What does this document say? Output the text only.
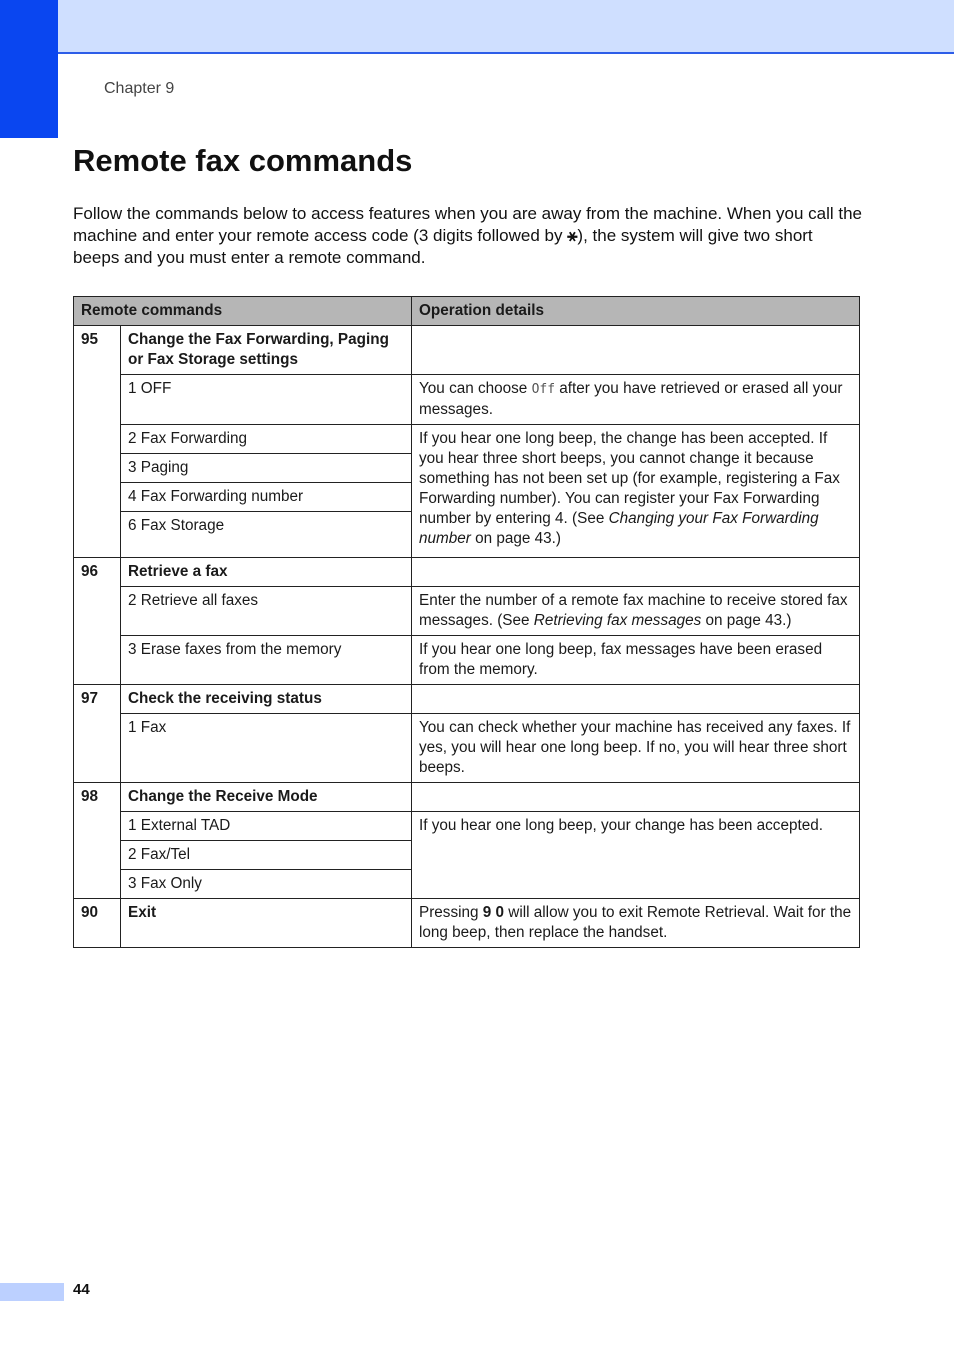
Chapter 9
Remote fax commands

Follow the commands below to access features when you are away from the machine. When you call the machine and enter your remote access code (3 digits followed by ⚹), the system will give two short beeps and you must enter a remote command.

Remote commands		Operation details
95	Change the Fax Forwarding, Paging or Fax Storage settings	
	1 OFF	You can choose Off after you have retrieved or erased all your messages.
	2 Fax Forwarding	If you hear one long beep, the change has been accepted. If you hear three short beeps, you cannot change it because something has not been set up (for example, registering a Fax Forwarding number). You can register your Fax Forwarding number by entering 4. (See Changing your Fax Forwarding number on page 43.)
	3 Paging	
	4 Fax Forwarding number	
	6 Fax Storage	
96	Retrieve a fax	
	2 Retrieve all faxes	Enter the number of a remote fax machine to receive stored fax messages. (See Retrieving fax messages on page 43.)
	3 Erase faxes from the memory	If you hear one long beep, fax messages have been erased from the memory.
97	Check the receiving status	
	1 Fax	You can check whether your machine has received any faxes. If yes, you will hear one long beep. If no, you will hear three short beeps.
98	Change the Receive Mode	
	1 External TAD	If you hear one long beep, your change has been accepted.
	2 Fax/Tel	
	3 Fax Only	
90	Exit	Pressing 9 0 will allow you to exit Remote Retrieval. Wait for the long beep, then replace the handset.
44
